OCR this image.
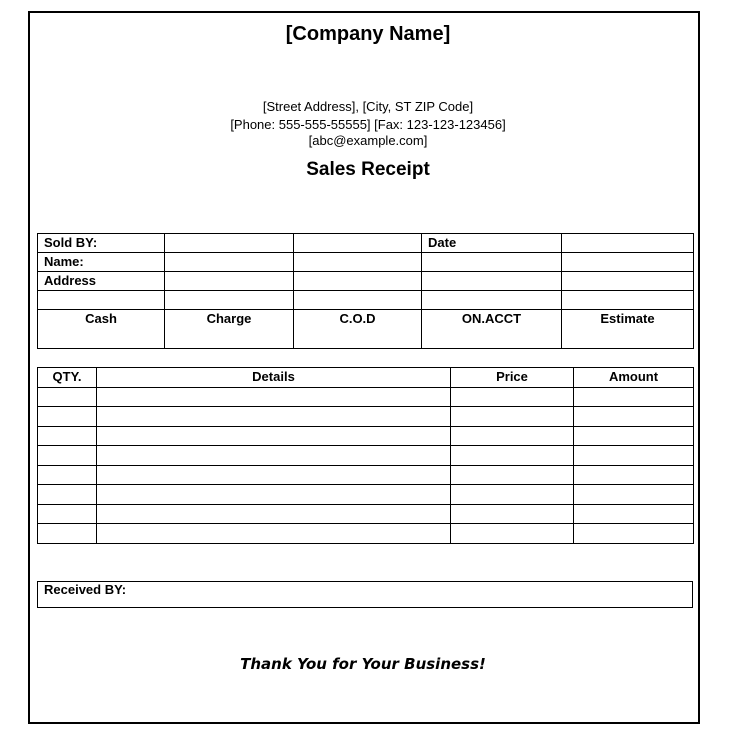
[Company Name]
[Street Address], [City, ST ZIP Code]
[Phone: 555-555-55555] [Fax: 123-123-123456]
[abc@example.com]
Sales Receipt
Sold BY:			Date	
Name:				
Address				

Cash	Charge	C.O.D	ON.ACCT	Estimate
QTY.	Details	Price	Amount

Received BY:
Thank You for Your Business!
